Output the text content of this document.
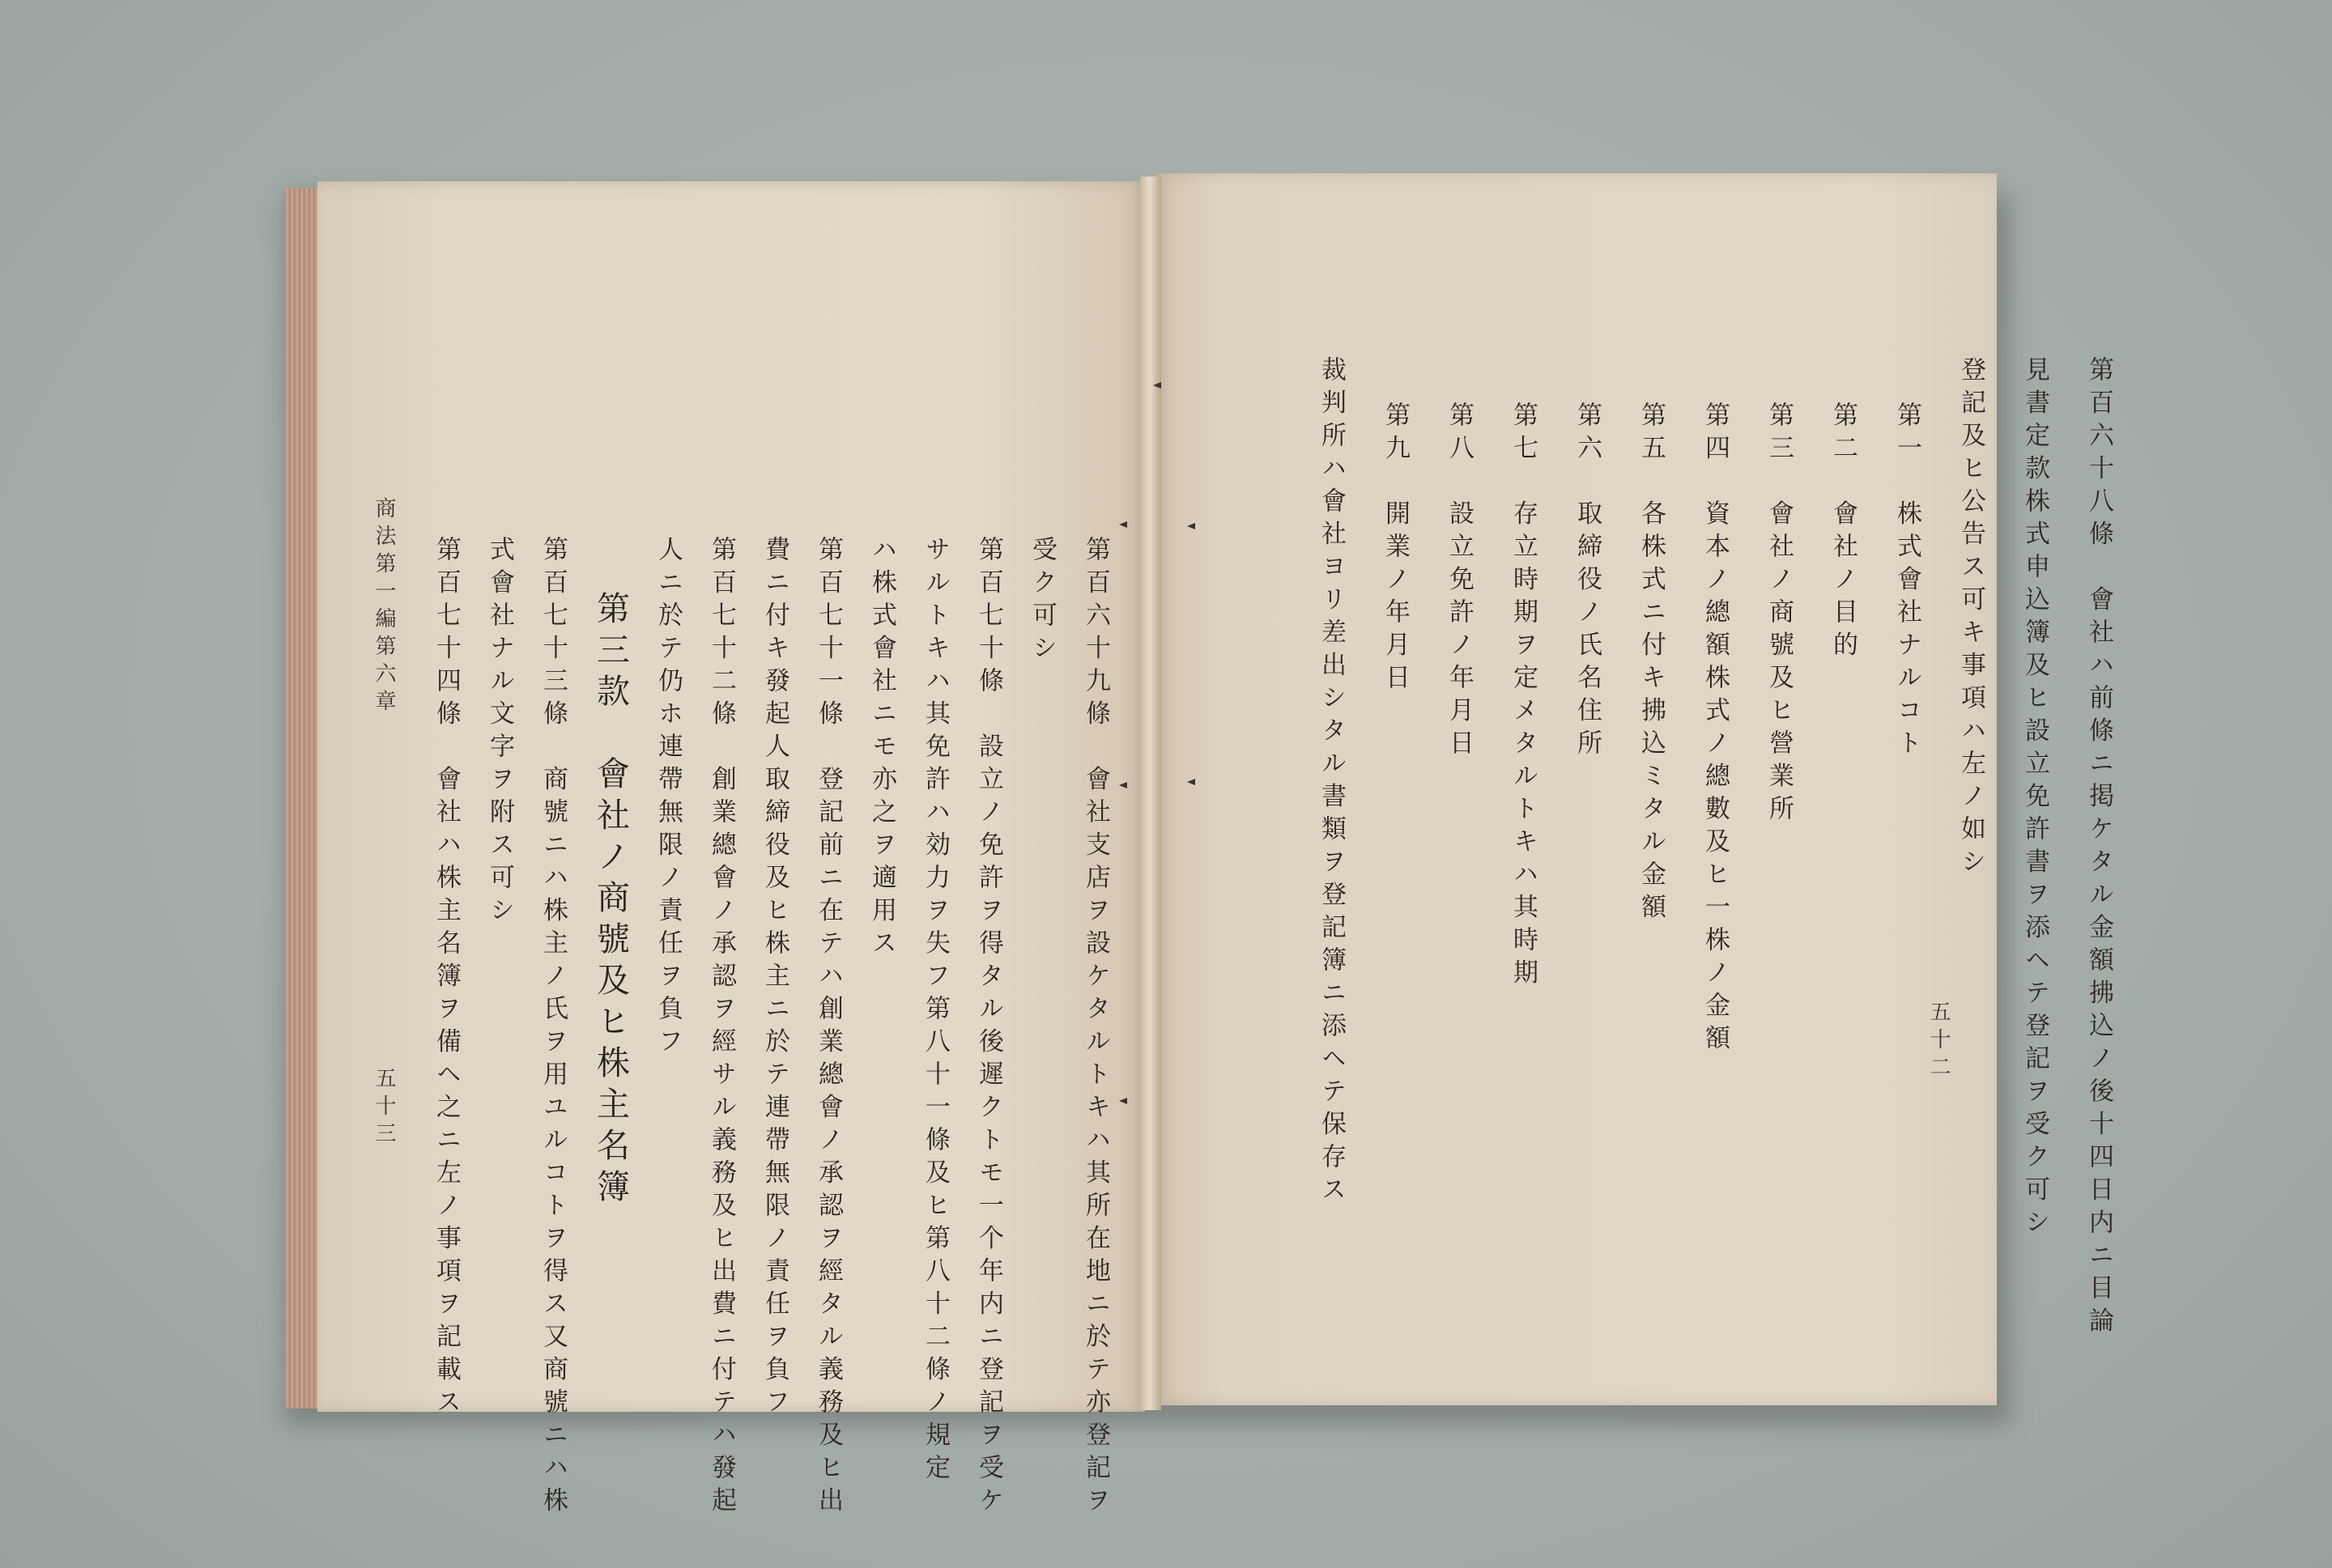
第百六十八條　會社ハ前條ニ掲ケタル金額拂込ノ後十四日内ニ目論
見書定款株式申込簿及ヒ設立免許書ヲ添ヘテ登記ヲ受ク可シ
登記及ヒ公告ス可キ事項ハ左ノ如シ
第一　株式會社ナルコト
第二　會社ノ目的
第三　會社ノ商號及ヒ營業所
第四　資本ノ總額株式ノ總數及ヒ一株ノ金額
第五　各株式ニ付キ拂込ミタル金額
第六　取締役ノ氏名住所
第七　存立時期ヲ定メタルトキハ其時期
第八　設立免許ノ年月日
第九　開業ノ年月日
裁判所ハ會社ヨリ差出シタル書類ヲ登記簿ニ添ヘテ保存ス	五十二
第百六十九條　會社支店ヲ設ケタルトキハ其所在地ニ於テ亦登記ヲ
受ク可シ
第百七十條　設立ノ免許ヲ得タル後遲クトモ一个年内ニ登記ヲ受ケ
サルトキハ其免許ハ効力ヲ失フ第八十一條及ヒ第八十二條ノ規定
ハ株式會社ニモ亦之ヲ適用ス
第百七十一條　登記前ニ在テハ創業總會ノ承認ヲ經タル義務及ヒ出
費ニ付キ發起人取締役及ヒ株主ニ於テ連帶無限ノ責任ヲ負フ
第百七十二條　創業總會ノ承認ヲ經サル義務及ヒ出費ニ付テハ發起
人ニ於テ仍ホ連帶無限ノ責任ヲ負フ
第三款　會社ノ商號及ヒ株主名簿
第百七十三條　商號ニハ株主ノ氏ヲ用ユルコトヲ得ス又商號ニハ株
式會社ナル文字ヲ附ス可シ
第百七十四條　會社ハ株主名簿ヲ備ヘ之ニ左ノ事項ヲ記載ス
商法第一編第六章
五十三
